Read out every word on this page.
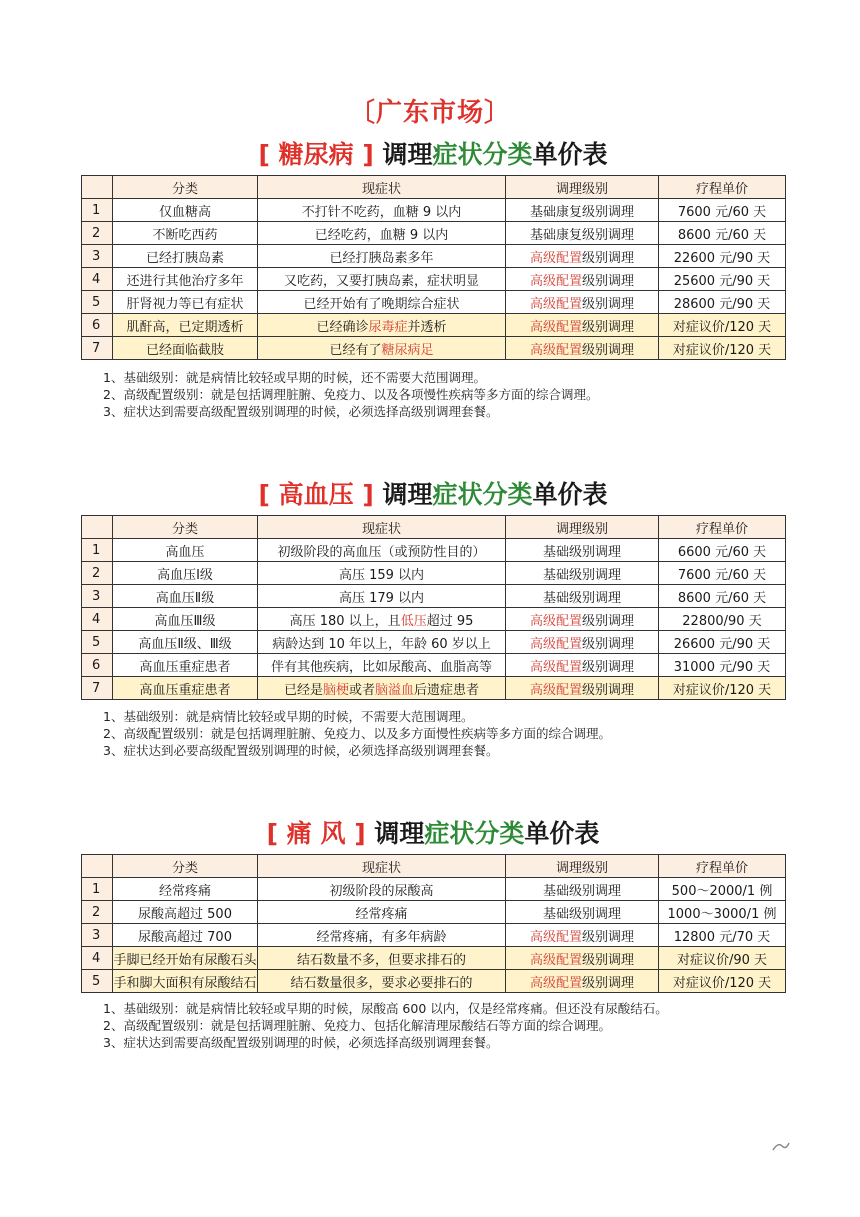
〔广东市场〕
[ 糖尿病 ] 调理症状分类单价表
	分类	现症状	调理级别	疗程单价
1	仅血糖高	不打针不吃药，血糖 9 以内	基础康复级别调理	7600 元/60 天
2	不断吃西药	已经吃药，血糖 9 以内	基础康复级别调理	8600 元/60 天
3	已经打胰岛素	已经打胰岛素多年	高级配置级别调理	22600 元/90 天
4	还进行其他治疗多年	又吃药，又要打胰岛素，症状明显	高级配置级别调理	25600 元/90 天
5	肝肾视力等已有症状	已经开始有了晚期综合症状	高级配置级别调理	28600 元/90 天
6	肌酐高，已定期透析	已经确诊尿毒症并透析	高级配置级别调理	对症议价/120 天
7	已经面临截肢	已经有了糖尿病足	高级配置级别调理	对症议价/120 天
1、基础级别：就是病情比较轻或早期的时候，还不需要大范围调理。
2、高级配置级别：就是包括调理脏腑、免疫力、以及各项慢性疾病等多方面的综合调理。
3、症状达到需要高级配置级别调理的时候，必须选择高级别调理套餐。
[ 高血压 ] 调理症状分类单价表
	分类	现症状	调理级别	疗程单价
1	高血压	初级阶段的高血压（或预防性目的）	基础级别调理	6600 元/60 天
2	高血压Ⅰ级	高压 159 以内	基础级别调理	7600 元/60 天
3	高血压Ⅱ级	高压 179 以内	基础级别调理	8600 元/60 天
4	高血压Ⅲ级	高压 180 以上，且低压超过 95	高级配置级别调理	22800/90 天
5	高血压Ⅱ级、Ⅲ级	病龄达到 10 年以上，年龄 60 岁以上	高级配置级别调理	26600 元/90 天
6	高血压重症患者	伴有其他疾病，比如尿酸高、血脂高等	高级配置级别调理	31000 元/90 天
7	高血压重症患者	已经是脑梗或者脑溢血后遗症患者	高级配置级别调理	对症议价/120 天
1、基础级别：就是病情比较轻或早期的时候，不需要大范围调理。
2、高级配置级别：就是包括调理脏腑、免疫力、以及多方面慢性疾病等多方面的综合调理。
3、症状达到必要高级配置级别调理的时候，必须选择高级别调理套餐。
[ 痛 风 ] 调理症状分类单价表
	分类	现症状	调理级别	疗程单价
1	经常疼痛	初级阶段的尿酸高	基础级别调理	500～2000/1 例
2	尿酸高超过 500	经常疼痛	基础级别调理	1000～3000/1 例
3	尿酸高超过 700	经常疼痛，有多年病龄	高级配置级别调理	12800 元/70 天
4	手脚已经开始有尿酸石头	结石数量不多，但要求排石的	高级配置级别调理	对症议价/90 天
5	手和脚大面积有尿酸结石	结石数量很多，要求必要排石的	高级配置级别调理	对症议价/120 天
1、基础级别：就是病情比较轻或早期的时候，尿酸高 600 以内，仅是经常疼痛。但还没有尿酸结石。
2、高级配置级别：就是包括调理脏腑、免疫力、包括化解清理尿酸结石等方面的综合调理。
3、症状达到需要高级配置级别调理的时候，必须选择高级别调理套餐。
